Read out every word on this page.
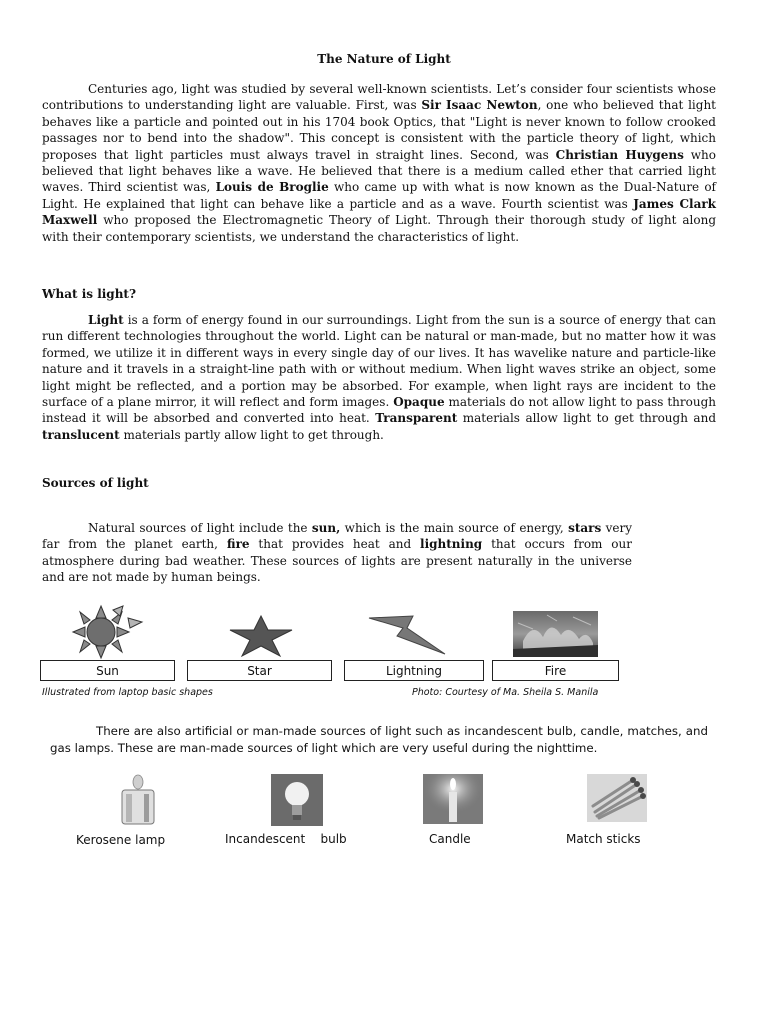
The Nature of Light
Centuries ago, light was studied by several well-known scientists. Let’s consider four scientists whose contributions to understanding light are valuable. First, was Sir Isaac Newton, one who believed that light behaves like a particle and pointed out in his 1704 book Optics, that "Light is never known to follow crooked passages nor to bend into the shadow". This concept is consistent with the particle theory of light, which proposes that light particles must always travel in straight lines. Second, was Christian Huygens who believed that light behaves like a wave. He believed that there is a medium called ether that carried light waves. Third scientist was, Louis de Broglie who came up with what is now known as the Dual-Nature of Light. He explained that light can behave like a particle and as a wave. Fourth scientist was James Clark Maxwell who proposed the Electromagnetic Theory of Light. Through their thorough study of light along with their contemporary scientists, we understand the characteristics of light.
What is light?
Light is a form of energy found in our surroundings. Light from the sun is a source of energy that can run different technologies throughout the world. Light can be natural or man-made, but no matter how it was formed, we utilize it in different ways in every single day of our lives. It has wavelike nature and particle-like nature and it travels in a straight-line path with or without medium. When light waves strike an object, some light might be reflected, and a portion may be absorbed. For example, when light rays are incident to the surface of a plane mirror, it will reflect and form images. Opaque materials do not allow light to pass through instead it will be absorbed and converted into heat. Transparent materials allow light to get through and translucent materials partly allow light to get through.
Sources of light
Natural sources of light include the sun, which is the main source of energy, stars very far from the planet earth, fire that provides heat and lightning that occurs from our atmosphere during bad weather. These sources of lights are present naturally in the universe and are not made by human beings.
Sun	Star	Lightning	Fire
Illustrated from laptop basic shapes	Photo: Courtesy of Ma. Sheila S. Manila
There are also artificial or man-made sources of light such as incandescent bulb, candle, matches, and gas lamps. These are man-made sources of light which are very useful during the nighttime.
Kerosene lamp	Incandescent    bulb	Candle	Match sticks
